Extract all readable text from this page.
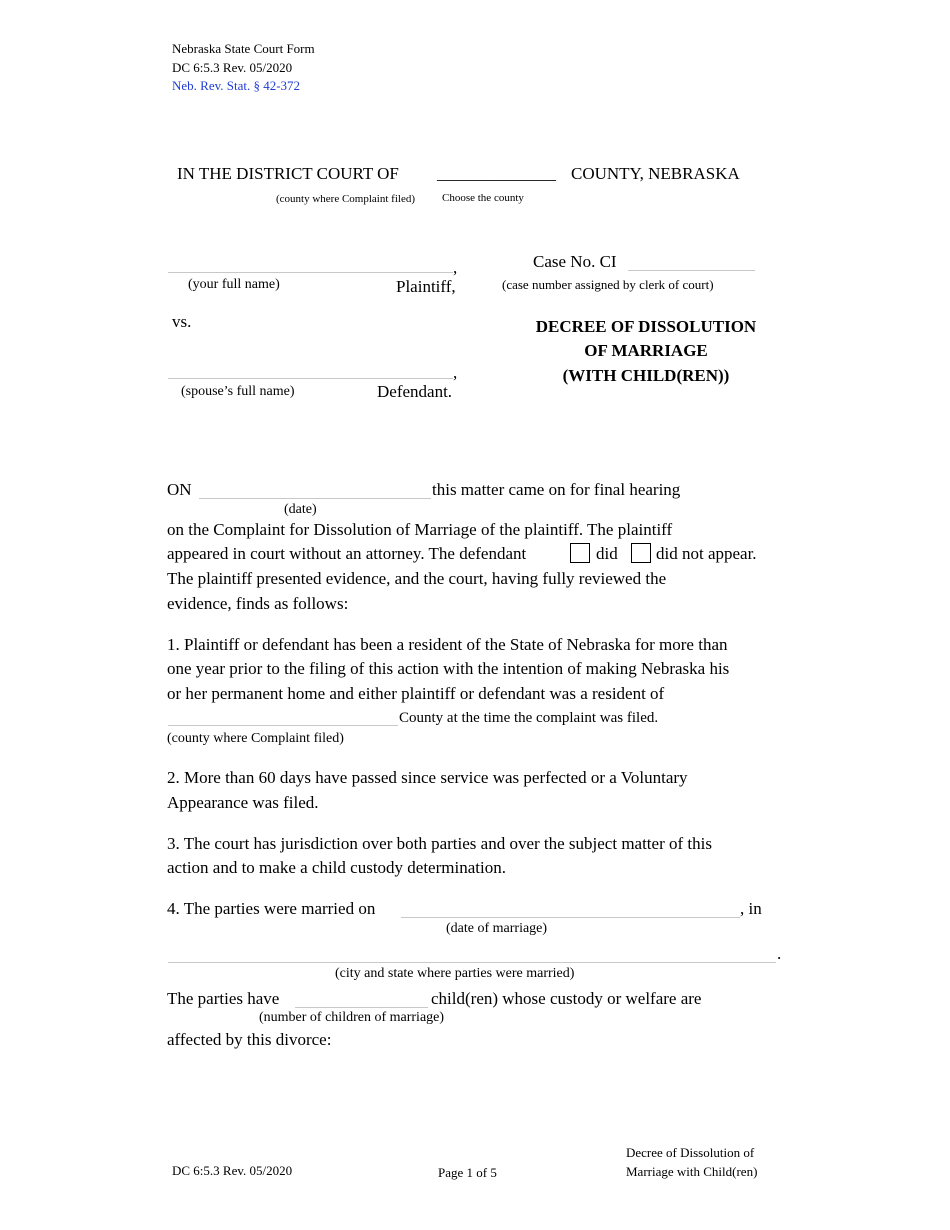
Nebraska State Court Form
DC 6:5.3 Rev. 05/2020
Neb. Rev. Stat. § 42-372
IN THE DISTRICT COURT OF ______________ COUNTY, NEBRASKA
(county where Complaint filed) Choose the county
,
(your full name)	Plaintiff,
Case No. CI
(case number assigned by clerk of court)
vs.	DECREE OF DISSOLUTION
OF MARRIAGE
(WITH CHILD(REN))
,
(spouse’s full name)	Defendant.
ON	this matter came on for final hearing
(date)
on the Complaint for Dissolution of Marriage of the plaintiff. The plaintiff
appeared in court without an attorney. The defendant	did did not appear.
The plaintiff presented evidence, and the court, having fully reviewed the
evidence, finds as follows:
1. Plaintiff or defendant has been a resident of the State of Nebraska for more than
one year prior to the filing of this action with the intention of making Nebraska his
or her permanent home and either plaintiff or defendant was a resident of
County at the time the complaint was filed.
(county where Complaint filed)
2. More than 60 days have passed since service was perfected or a Voluntary
Appearance was filed.
3. The court has jurisdiction over both parties and over the subject matter of this
action and to make a child custody determination.
4. The parties were married on	, in
(date of marriage)
.
(city and state where parties were married)
The parties have	child(ren) whose custody or welfare are
(number of children of marriage)
affected by this divorce:
DC 6:5.3 Rev. 05/2020	Page 1 of 5
Decree of Dissolution of
Marriage with Child(ren)
